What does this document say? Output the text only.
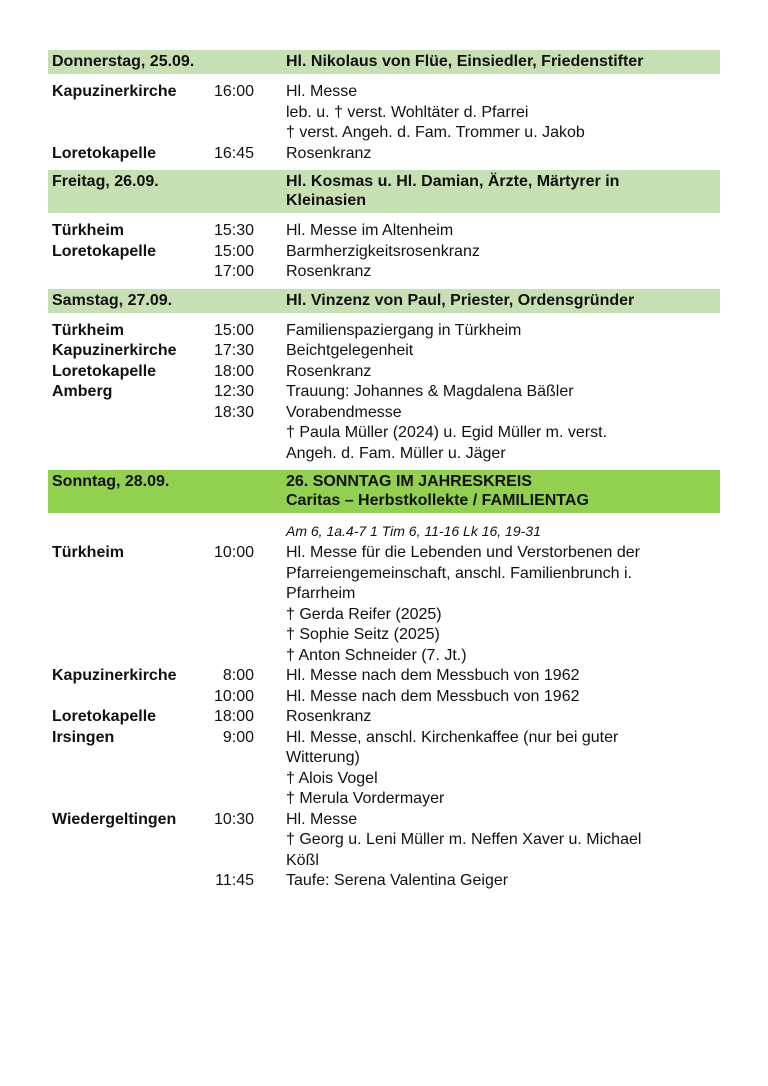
Donnerstag, 25.09.	Hl. Nikolaus von Flüe, Einsiedler, Friedenstifter
Kapuzinerkirche	16:00	Hl. Messe
leb. u. † verst. Wohltäter d. Pfarrei
† verst. Angeh. d. Fam. Trommer u. Jakob
Loretokapelle	16:45	Rosenkranz
Freitag, 26.09.	Hl. Kosmas u. Hl. Damian, Ärzte, Märtyrer in
Kleinasien
Türkheim	15:30	Hl. Messe im Altenheim
Loretokapelle	15:00	Barmherzigkeitsrosenkranz
17:00	Rosenkranz
Samstag, 27.09.	Hl. Vinzenz von Paul, Priester, Ordensgründer
Türkheim	15:00	Familienspaziergang in Türkheim
Kapuzinerkirche	17:30	Beichtgelegenheit
Loretokapelle	18:00	Rosenkranz
Amberg	12:30	Trauung: Johannes & Magdalena Bäßler
18:30	Vorabendmesse
† Paula Müller (2024) u. Egid Müller m. verst.
Angeh. d. Fam. Müller u. Jäger
Sonntag, 28.09.	26. SONNTAG IM JAHRESKREIS
Caritas – Herbstkollekte / FAMILIENTAG
Am 6, 1a.4-7 1 Tim 6, 11-16 Lk 16, 19-31
Türkheim	10:00	Hl. Messe für die Lebenden und Verstorbenen der
Pfarreiengemeinschaft, anschl. Familienbrunch i.
Pfarrheim
† Gerda Reifer (2025)
† Sophie Seitz (2025)
† Anton Schneider (7. Jt.)
Kapuzinerkirche	8:00	Hl. Messe nach dem Messbuch von 1962
10:00	Hl. Messe nach dem Messbuch von 1962
Loretokapelle	18:00	Rosenkranz
Irsingen	9:00	Hl. Messe, anschl. Kirchenkaffee (nur bei guter
Witterung)
† Alois Vogel
† Merula Vordermayer
Wiedergeltingen	10:30	Hl. Messe
† Georg u. Leni Müller m. Neffen Xaver u. Michael
Kößl
11:45	Taufe: Serena Valentina Geiger
